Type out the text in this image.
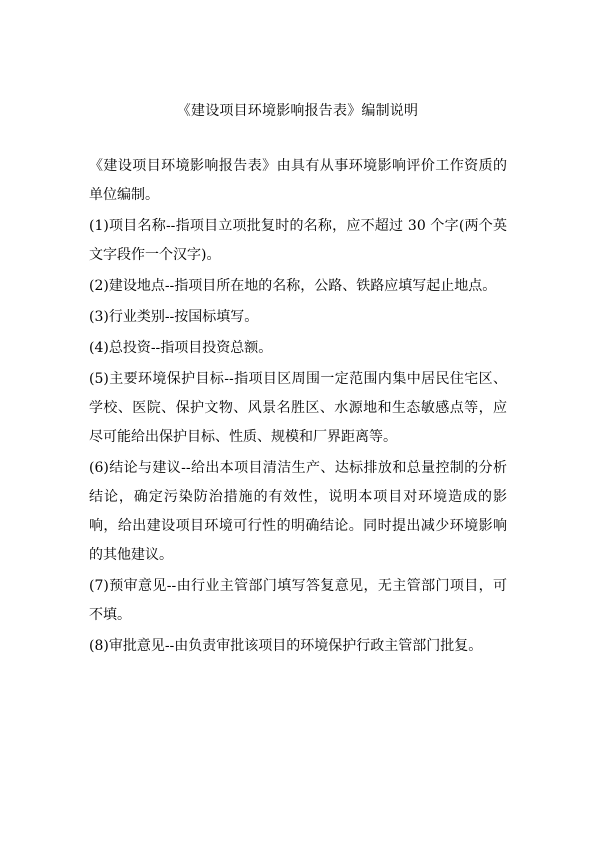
《建设项目环境影响报告表》编制说明

《建设项目环境影响报告表》由具有从事环境影响评价工作资质的单位编制。

(1)项目名称--指项目立项批复时的名称，应不超过 30 个字(两个英文字段作一个汉字)。

(2)建设地点--指项目所在地的名称，公路、铁路应填写起止地点。

(3)行业类别--按国标填写。

(4)总投资--指项目投资总额。

(5)主要环境保护目标--指项目区周围一定范围内集中居民住宅区、学校、医院、保护文物、风景名胜区、水源地和生态敏感点等，应尽可能给出保护目标、性质、规模和厂界距离等。

(6)结论与建议--给出本项目清洁生产、达标排放和总量控制的分析结论，确定污染防治措施的有效性，说明本项目对环境造成的影响，给出建设项目环境可行性的明确结论。同时提出减少环境影响的其他建议。

(7)预审意见--由行业主管部门填写答复意见，无主管部门项目，可不填。

(8)审批意见--由负责审批该项目的环境保护行政主管部门批复。
